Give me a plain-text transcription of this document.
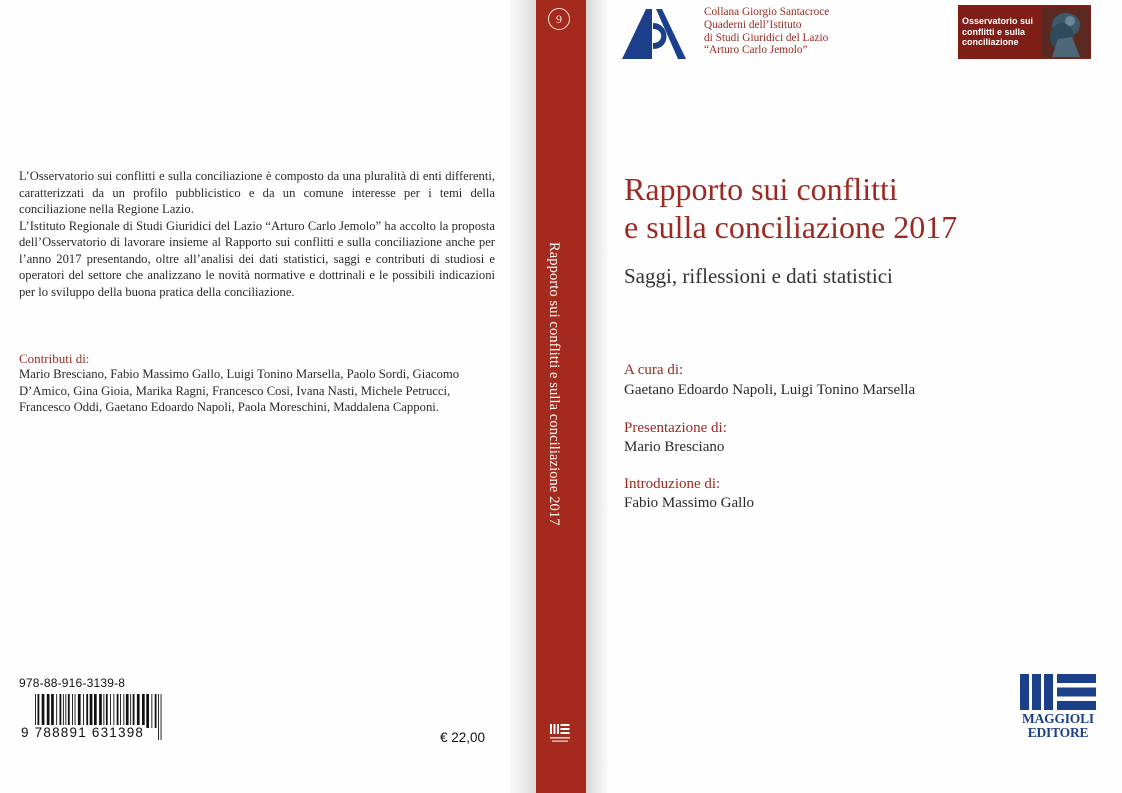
L’Osservatorio sui conflitti e sulla conciliazione è composto da una pluralità di enti differenti, caratterizzati da un profilo pubblicistico e da un comune interesse per i temi della conciliazione nella Regione Lazio.

L’Istituto Regionale di Studi Giuridici del Lazio “Arturo Carlo Jemolo” ha accolto la proposta dell’Osservatorio di lavorare insieme al Rapporto sui conflitti e sulla conciliazione anche per l’anno 2017 presentando, oltre all’analisi dei dati statistici, saggi e contributi di studiosi e operatori del settore che analizzano le novità normative e dottrinali e le possibili indicazioni per lo sviluppo della buona pratica della conciliazione.

Contributi di:
Mario Bresciano, Fabio Massimo Gallo, Luigi Tonino Marsella, Paolo Sordi, Giacomo D’Amico, Gina Gioia, Marika Ragni, Francesco Cosi, Ivana Nasti, Michele Petrucci, Francesco Oddi, Gaetano Edoardo Napoli, Paola Moreschini, Maddalena Capponi.
978-88-916-3139-8
9 788891 631398	€ 22,00
9
Rapporto sui conflitti e sulla conciliazione 2017
Collana Giorgio Santacroce
Quaderni dell’Istituto
di Studi Giuridici del Lazio
“Arturo Carlo Jemolo”
Osservatorio sui
conflitti e sulla
conciliazione
Rapporto sui conflitti
e sulla conciliazione 2017
Saggi, riflessioni e dati statistici
A cura di:
Gaetano Edoardo Napoli, Luigi Tonino Marsella
Presentazione di:
Mario Bresciano
Introduzione di:
Fabio Massimo Gallo
MAGGIOLI
EDITORE
